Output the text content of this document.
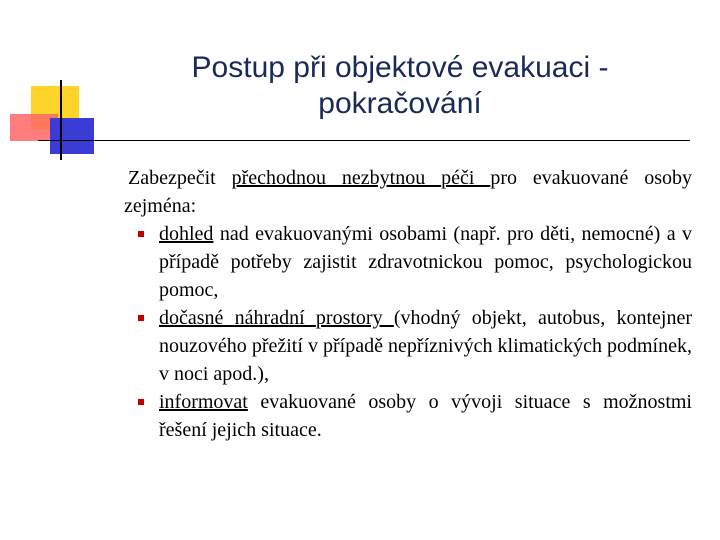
Postup při objektové evakuaci - pokračování

Zabezpečit přechodnou nezbytnou péči pro evakuované osoby zejména:

dohled nad evakuovanými osobami (např. pro děti, nemocné) a v případě potřeby zajistit zdravotnickou pomoc, psychologickou pomoc,
dočasné náhradní prostory (vhodný objekt, autobus, kontejner nouzového přežití v případě nepříznivých klimatických podmínek, v noci apod.),
informovat evakuované osoby o vývoji situace s možnostmi řešení jejich situace.
